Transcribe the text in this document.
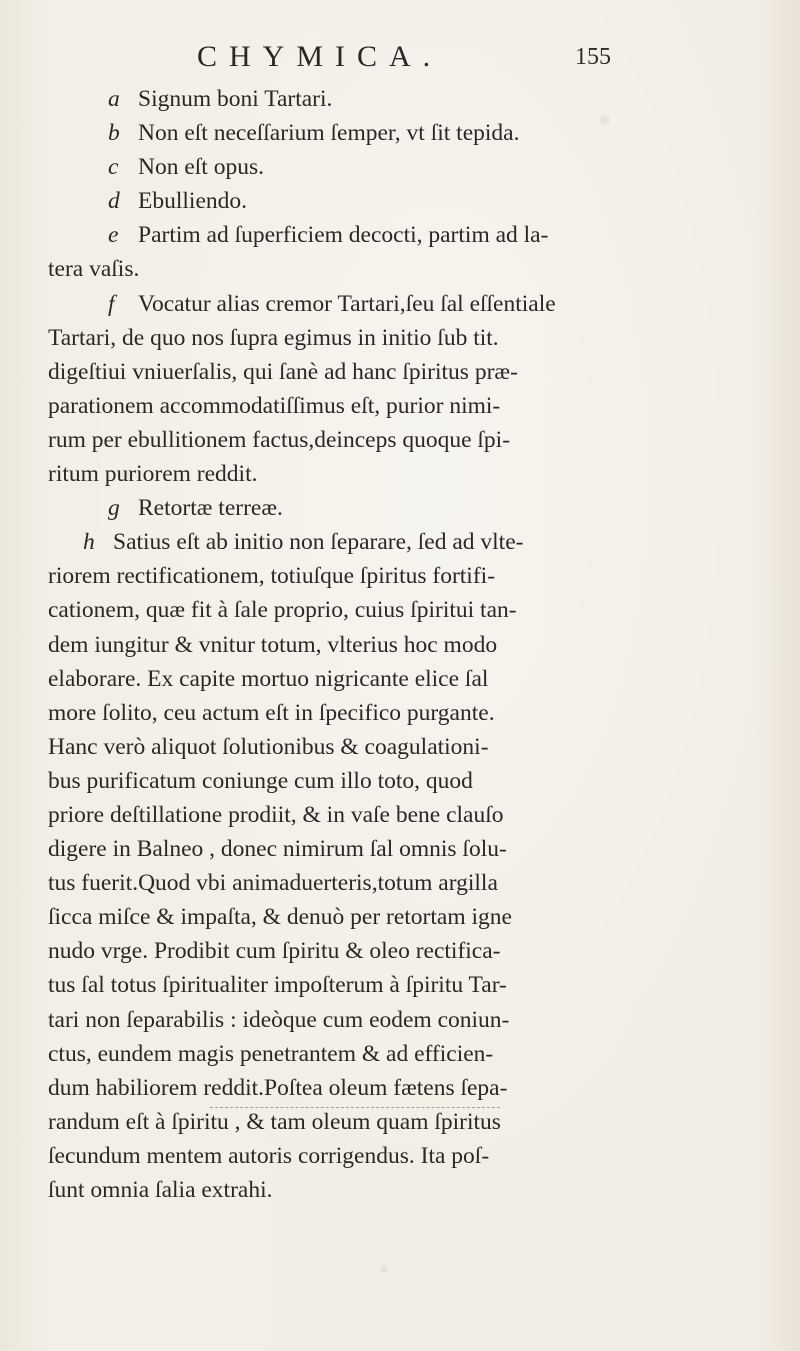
CHYMICA.	155
a Signum boni Tartari.
b Non eſt neceſſarium ſemper, vt ſit tepida.
c Non eſt opus.
d Ebulliendo.
e Partim ad ſuperficiem decocti, partim ad la-
tera vaſis.
f Vocatur alias cremor Tartari,ſeu ſal eſſentiale
Tartari, de quo nos ſupra egimus in initio ſub tit.
digeſtiui vniuerſalis, qui ſanè ad hanc ſpiritus præ-
parationem accommodatiſſimus eſt, purior nimi-
rum per ebullitionem factus,deinceps quoque ſpi-
ritum puriorem reddit.
g Retortæ terreæ.
h Satius eſt ab initio non ſeparare, ſed ad vlte-
riorem rectificationem, totiuſque ſpiritus fortifi-
cationem, quæ fit à ſale proprio, cuius ſpiritui tan-
dem iungitur & vnitur totum, vlterius hoc modo
elaborare. Ex capite mortuo nigricante elice ſal
more ſolito, ceu actum eſt in ſpecifico purgante.
Hanc verò aliquot ſolutionibus & coagulationi-
bus purificatum coniunge cum illo toto, quod
priore deſtillatione prodiit, & in vaſe bene clauſo
digere in Balneo , donec nimirum ſal omnis ſolu-
tus fuerit.Quod vbi animaduerteris,totum argilla
ſicca miſce & impaſta, & denuò per retortam igne
nudo vrge. Prodibit cum ſpiritu & oleo rectifica-
tus ſal totus ſpiritualiter impoſterum à ſpiritu Tar-
tari non ſeparabilis : ideòque cum eodem coniun-
ctus, eundem magis penetrantem & ad efficien-
dum habiliorem reddit.Poſtea oleum fætens ſepa-
randum eſt à ſpiritu , & tam oleum quam ſpiritus
ſecundum mentem autoris corrigendus. Ita poſ-
ſunt omnia ſalia extrahi.
